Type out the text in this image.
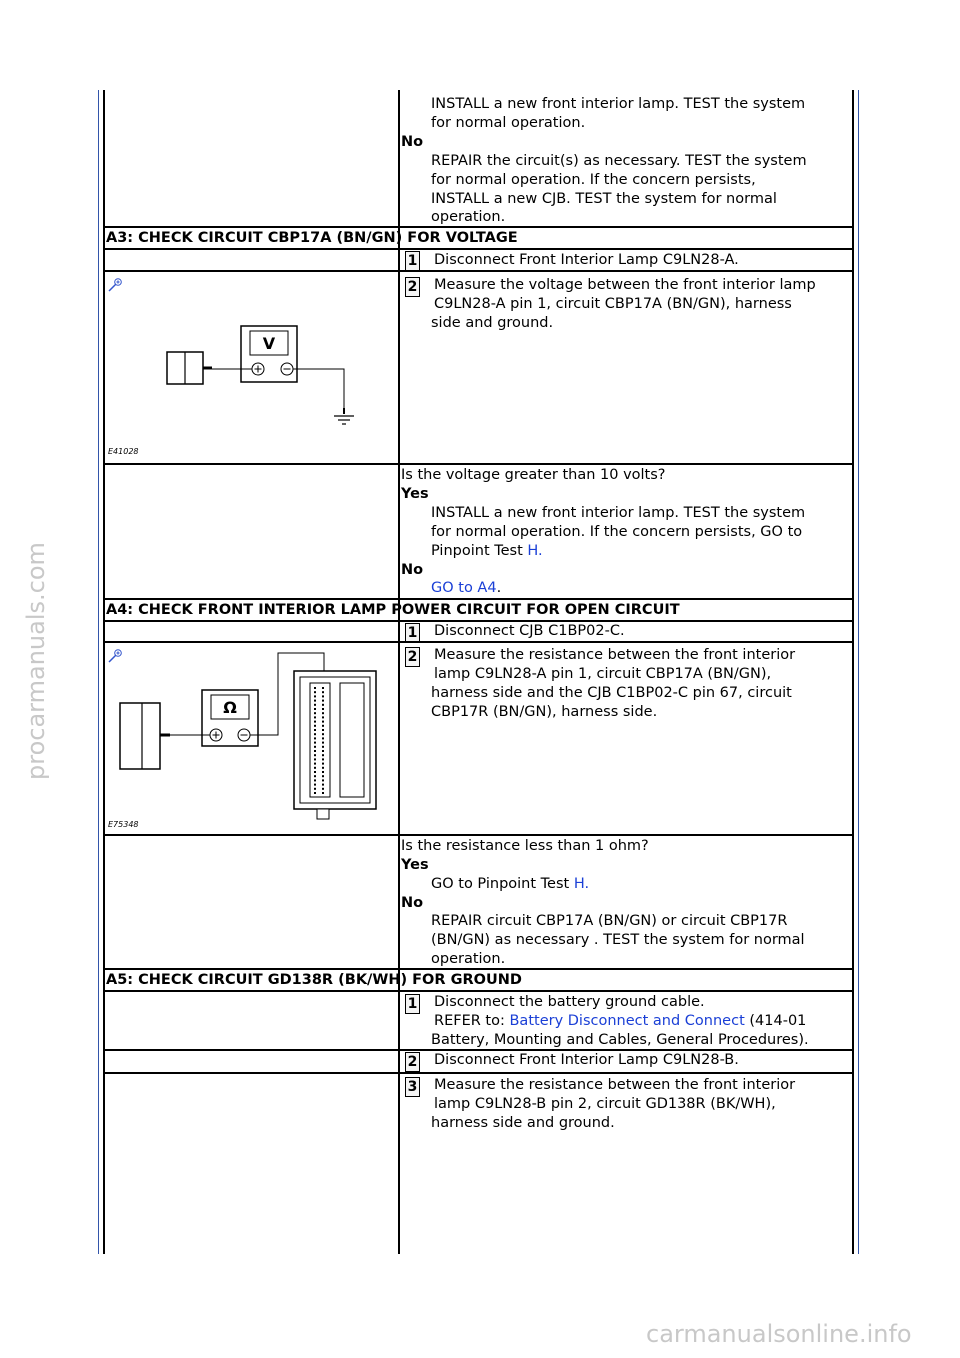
INSTALL a new front interior lamp. TEST the system
for normal operation.
No
REPAIR the circuit(s) as necessary. TEST the system
for normal operation. If the concern persists,
INSTALL a new CJB. TEST the system for normal
operation.
A3: CHECK CIRCUIT CBP17A (BN/GN) FOR VOLTAGE
1 Disconnect Front Interior Lamp C9LN28-A.
V
E41028
2 Measure the voltage between the front interior lamp
C9LN28-A pin 1, circuit CBP17A (BN/GN), harness
side and ground.
Is the voltage greater than 10 volts?
Yes
INSTALL a new front interior lamp. TEST the system
for normal operation. If the concern persists, GO to
Pinpoint Test H.
No
GO to A4.
A4: CHECK FRONT INTERIOR LAMP POWER CIRCUIT FOR OPEN CIRCUIT
1 Disconnect CJB C1BP02-C.
Ω
E75348
2 Measure the resistance between the front interior
lamp C9LN28-A pin 1, circuit CBP17A (BN/GN),
harness side and the CJB C1BP02-C pin 67, circuit
CBP17R (BN/GN), harness side.
Is the resistance less than 1 ohm?
Yes
GO to Pinpoint Test H.
No
REPAIR circuit CBP17A (BN/GN) or circuit CBP17R
(BN/GN) as necessary . TEST the system for normal
operation.
A5: CHECK CIRCUIT GD138R (BK/WH) FOR GROUND
1 Disconnect the battery ground cable.
REFER to: Battery Disconnect and Connect (414-01
Battery, Mounting and Cables, General Procedures).
2 Disconnect Front Interior Lamp C9LN28-B.
3 Measure the resistance between the front interior
lamp C9LN28-B pin 2, circuit GD138R (BK/WH),
harness side and ground.
procarmanuals.com
carmanualsonline.info
